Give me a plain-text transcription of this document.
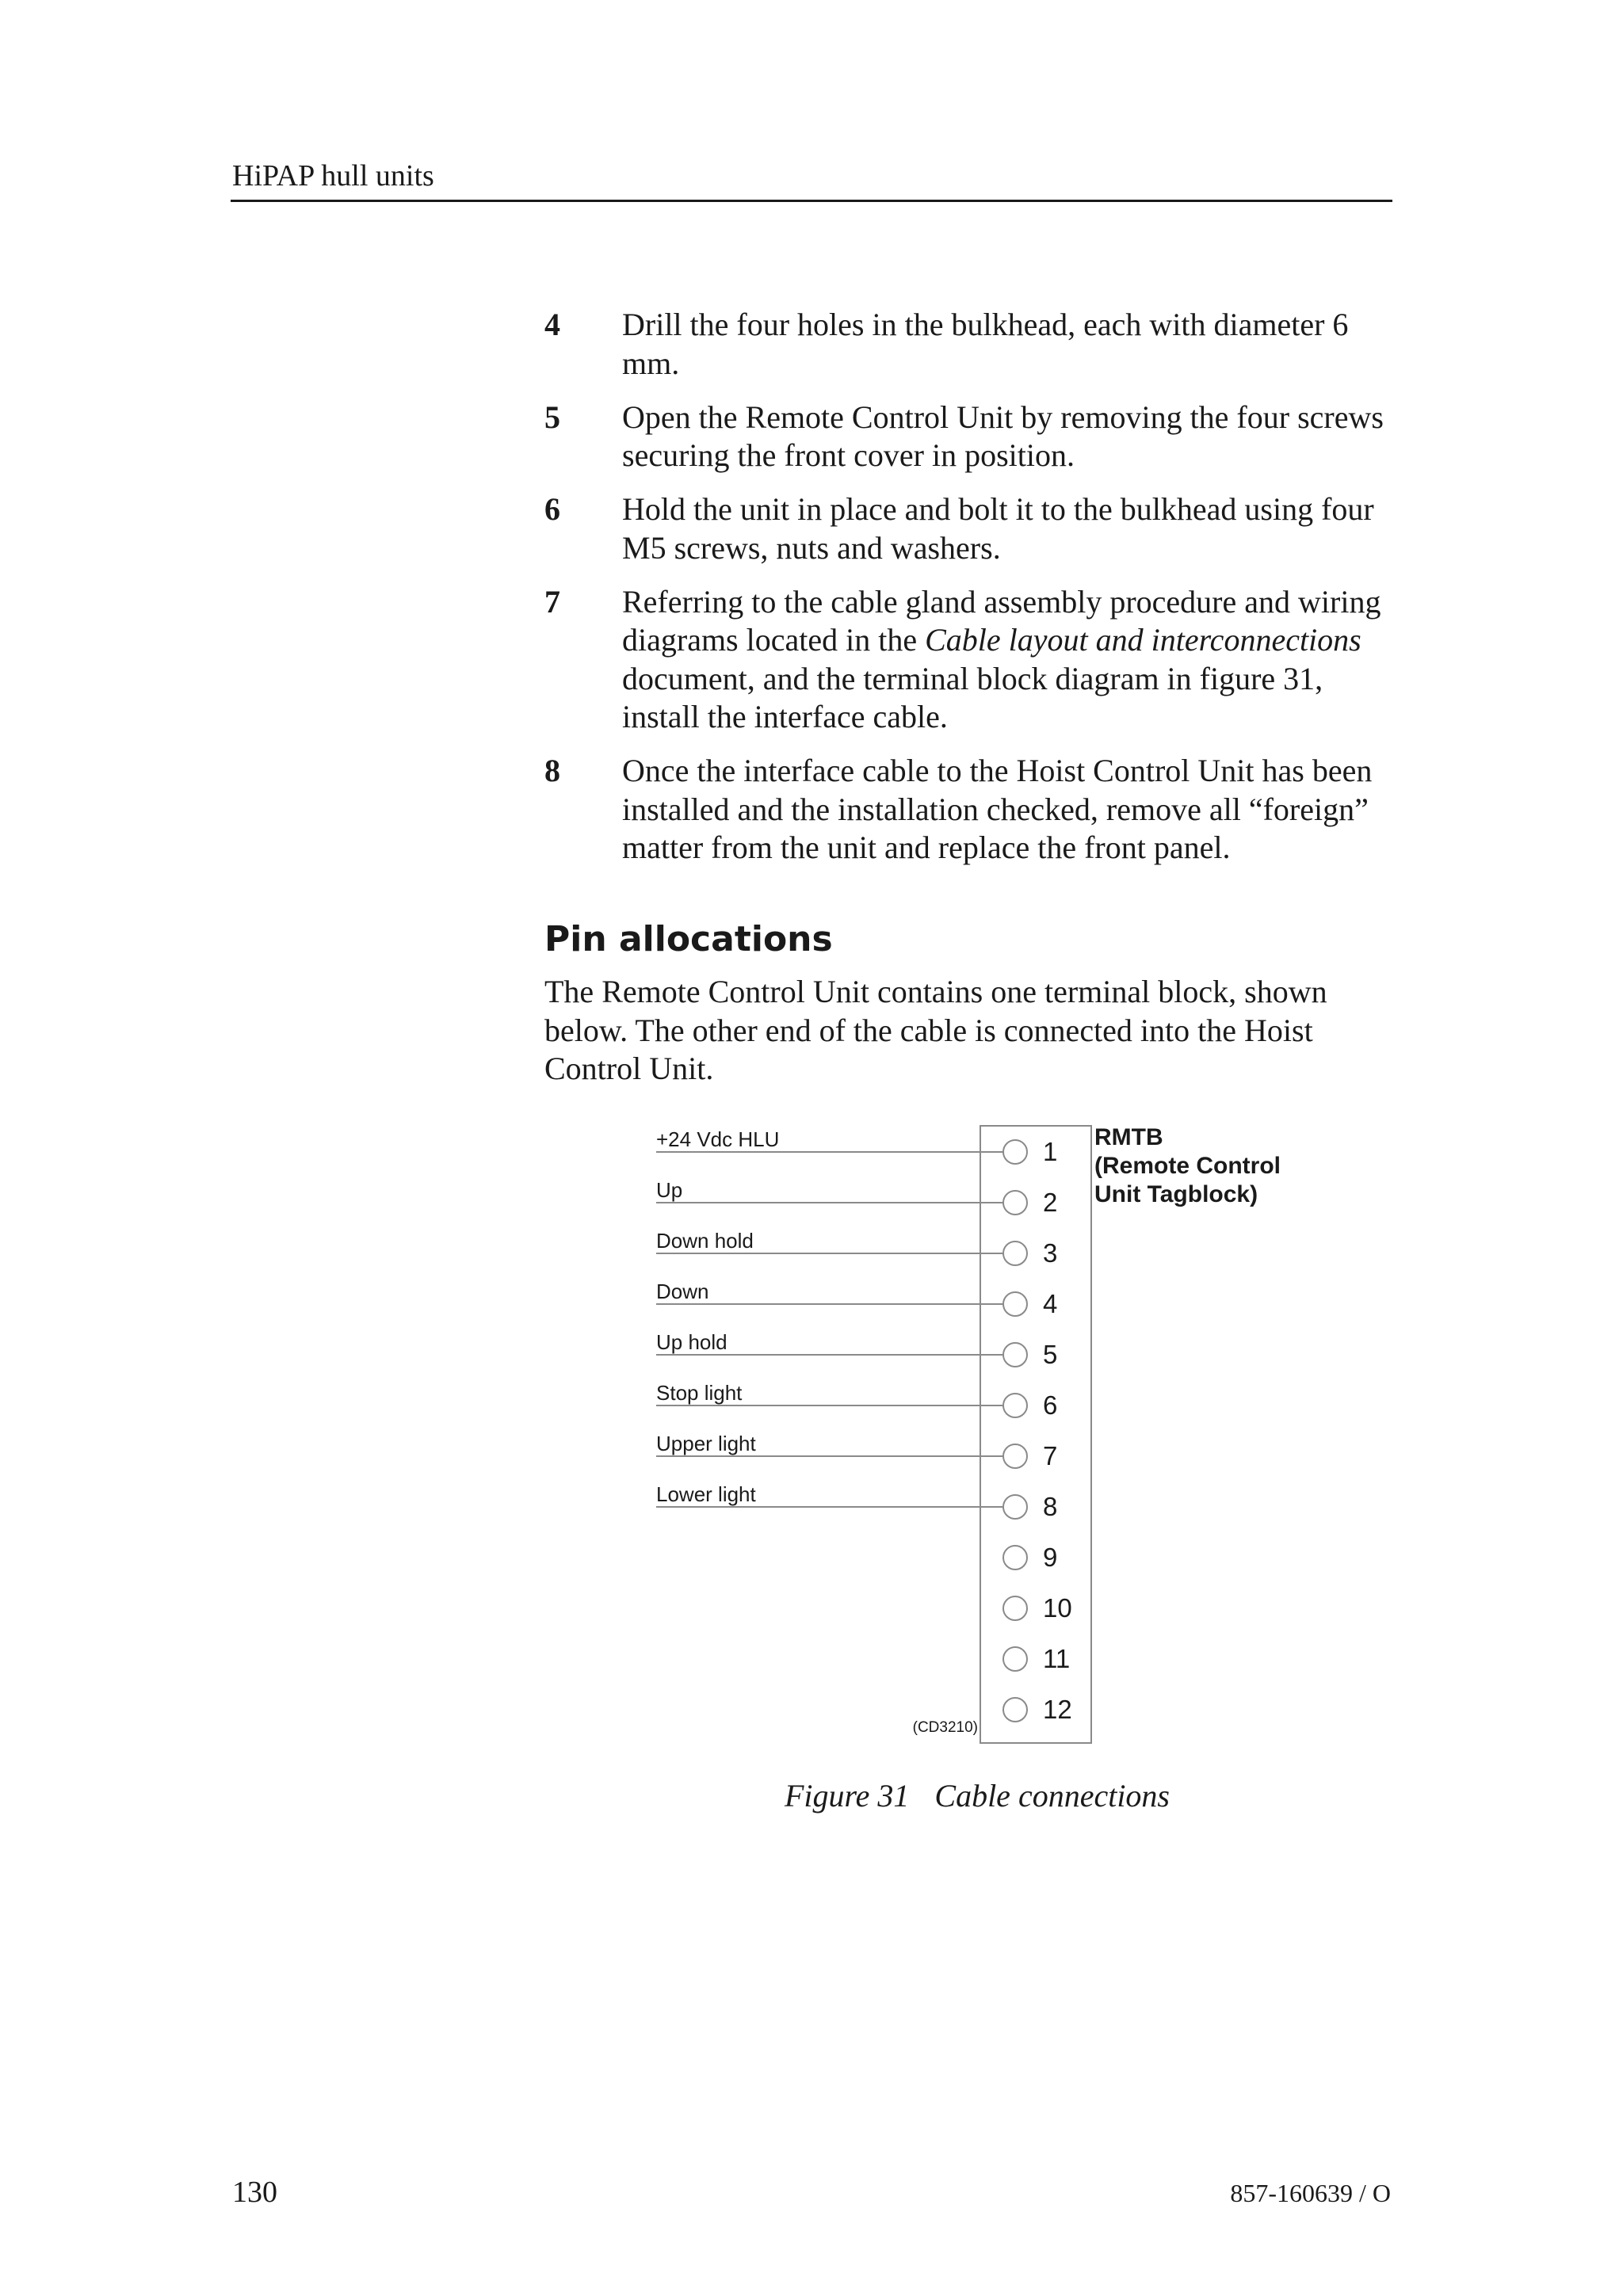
HiPAP hull units
4 Drill the four holes in the bulkhead, each with diameter 6 mm.
5 Open the Remote Control Unit by removing the four screws securing the front cover in position.
6 Hold the unit in place and bolt it to the bulkhead using four M5 screws, nuts and washers.
7 Referring to the cable gland assembly procedure and wiring diagrams located in the Cable layout and interconnections document, and the terminal block diagram in figure 31, install the interface cable.
8 Once the interface cable to the Hoist Control Unit has been installed and the installation checked, remove all “foreign” matter from the unit and replace the front panel.
Pin allocations
The Remote Control Unit contains one terminal block, shown below. The other end of the cable is connected into the Hoist Control Unit.
1
2
3
4
5
6
7
8
9
10
11
12
+24 Vdc HLU
Up
Down hold
Down
Up hold
Stop light
Upper light
Lower light
RMTB
(Remote Control
Unit Tagblock)
(CD3210)
Figure 31 Cable connections
130	857-160639 / O
